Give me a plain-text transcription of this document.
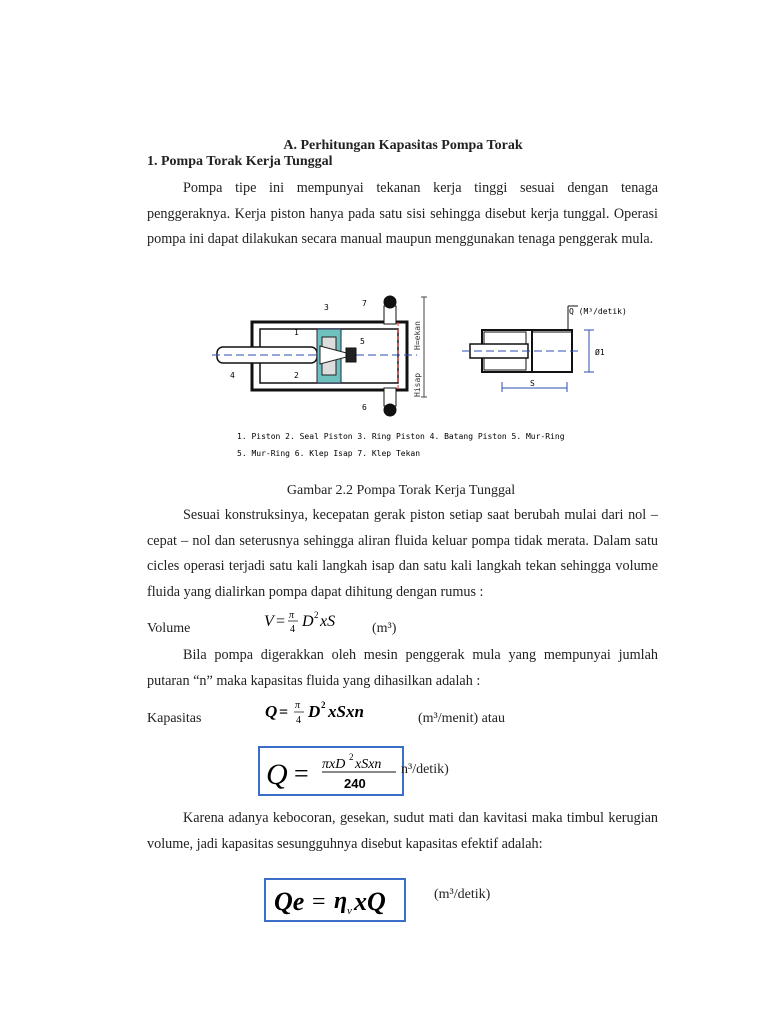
A. Perhitungan Kapasitas Pompa Torak
1. Pompa Torak Kerja Tunggal
Pompa tipe ini mempunyai tekanan kerja tinggi sesuai dengan tenaga penggeraknya. Kerja piston hanya pada satu sisi sehingga disebut kerja tunggal. Operasi pompa ini dapat dilakukan secara manual maupun menggunakan tenaga penggerak mula.
Hisap
H=ekan
3
1
5
2
4
7
6
Q (M³/detik)
S
Ø1
1. Piston 2. Seal Piston 3. Ring Piston 4. Batang Piston 5. Mur-Ring
5. Mur-Ring 6. Klep Isap 7. Klep Tekan
Gambar 2.2 Pompa Torak Kerja Tunggal
Sesuai konstruksinya, kecepatan gerak piston setiap saat berubah mulai dari nol – cepat – nol dan seterusnya sehingga aliran fluida keluar pompa tidak merata. Dalam satu cicles operasi terjadi satu kali langkah isap dan satu kali langkah tekan sehingga volume fluida yang dialirkan pompa dapat dihitung dengan rumus :
Volume	V = π
4 D 2 xS	(m³)
Bila pompa digerakkan oleh mesin penggerak mula yang mempunyai jumlah putaran “n” maka kapasitas fluida yang dihasilkan adalah :
Kapasitas	Q = π
4 D 2 xSxn	(m³/menit) atau
Q = πxD 2 xSxn
240
n³/detik)
Karena adanya kebocoran, gesekan, sudut mati dan kavitasi maka timbul kerugian volume, jadi kapasitas sesungguhnya disebut kapasitas efektif adalah:
Qe = η v xQ	(m³/detik)
